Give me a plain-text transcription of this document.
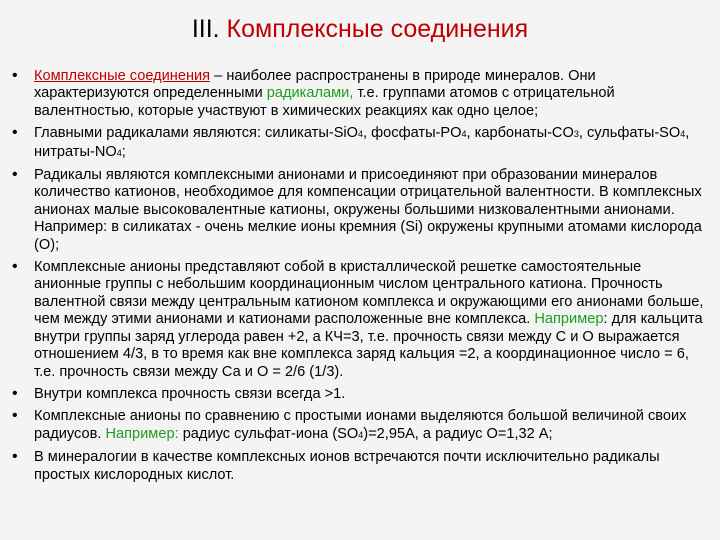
III. Комплексные соединения
• Комплексные соединения – наиболее распространены в природе минералов. Они характеризуются определенными радикалами, т.е. группами атомов с отрицательной валентностью, которые участвуют в химических реакциях как одно целое;
• Главными радикалами являются: силикаты-SiO4, фосфаты-PO4, карбонаты-CO3, сульфаты-SO4, нитраты-NO4;
• Радикалы являются комплексными анионами и присоединяют при образовании минералов количество катионов, необходимое для компенсации отрицательной валентности. В комплексных анионах малые высоковалентные катионы, окружены большими низковалентными анионами. Например: в силикатах - очень мелкие ионы кремния (Si) окружены крупными атомами кислорода (О);
• Комплексные анионы представляют собой в кристаллической решетке самостоятельные анионные группы с небольшим координационным числом центрального катиона. Прочность валентной связи между центральным катионом комплекса и окружающими его анионами больше, чем между этими анионами и катионами расположенные вне комплекса. Например: для кальцита внутри группы заряд углерода равен +2, а КЧ=3, т.е. прочность связи между С и О выражается отношением 4/3, в то время как вне комплекса заряд кальция =2, а координационное число = 6, т.е. прочность связи между Са и О = 2/6 (1/3).
• Внутри комплекса прочность связи всегда >1.
• Комплексные анионы по сравнению с простыми ионами выделяются большой величиной своих радиусов. Например: радиус сульфат-иона (SO4)=2,95А, а радиус О=1,32 А;
• В минералогии в качестве комплексных ионов встречаются почти исключительно радикалы простых кислородных кислот.
